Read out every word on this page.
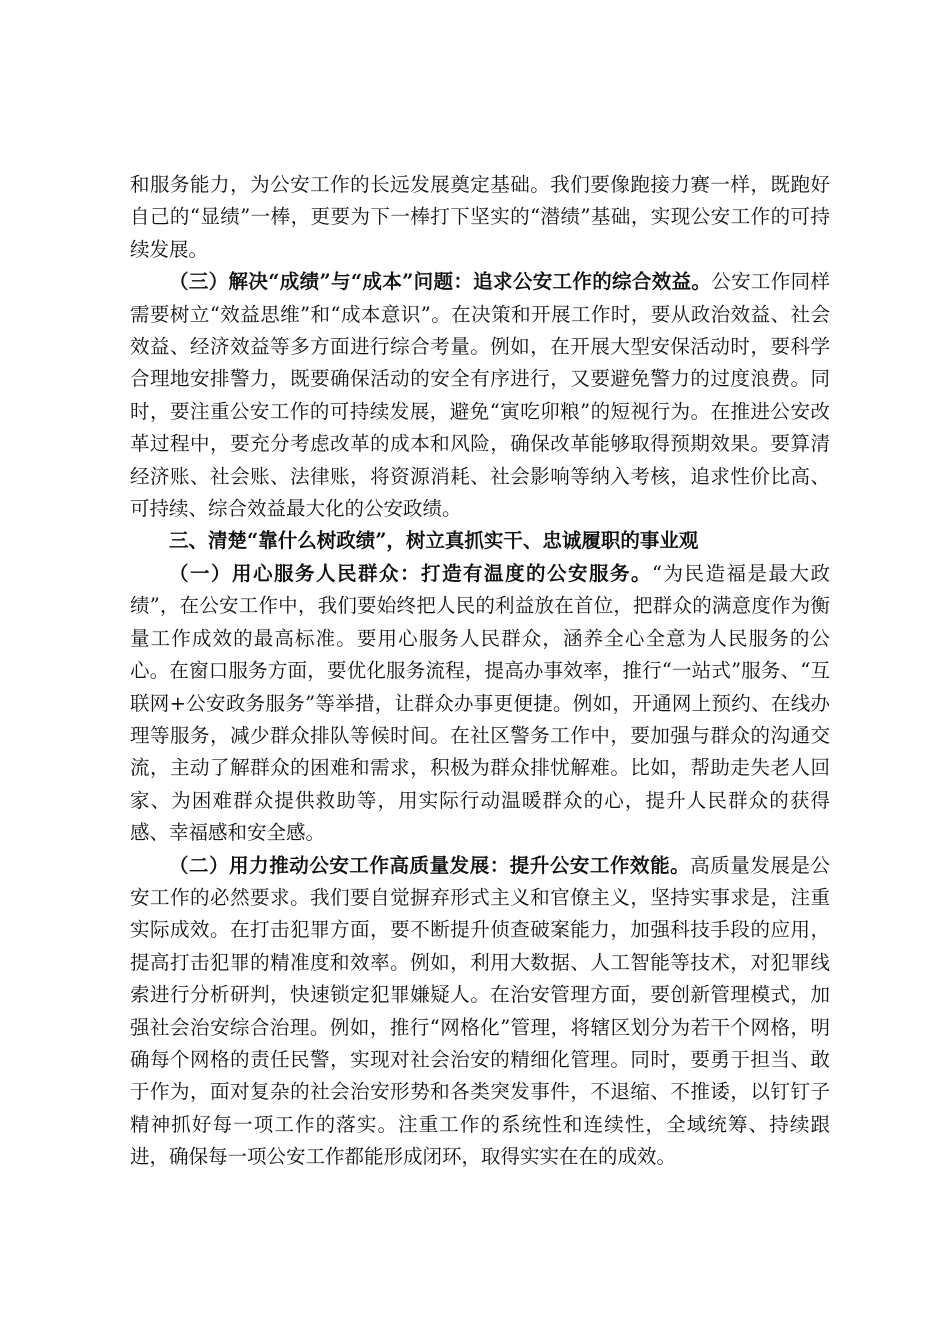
和服务能力，为公安工作的长远发展奠定基础。我们要像跑接力赛一样，既跑好自己的“显绩”一棒，更要为下一棒打下坚实的“潜绩”基础，实现公安工作的可持续发展。

（三）解决“成绩”与“成本”问题：追求公安工作的综合效益。公安工作同样需要树立“效益思维”和“成本意识”。在决策和开展工作时，要从政治效益、社会效益、经济效益等多方面进行综合考量。例如，在开展大型安保活动时，要科学合理地安排警力，既要确保活动的安全有序进行，又要避免警力的过度浪费。同时，要注重公安工作的可持续发展，避免“寅吃卯粮”的短视行为。在推进公安改革过程中，要充分考虑改革的成本和风险，确保改革能够取得预期效果。要算清经济账、社会账、法律账，将资源消耗、社会影响等纳入考核，追求性价比高、可持续、综合效益最大化的公安政绩。

三、清楚“靠什么树政绩”，树立真抓实干、忠诚履职的事业观

（一）用心服务人民群众：打造有温度的公安服务。“为民造福是最大政绩”，在公安工作中，我们要始终把人民的利益放在首位，把群众的满意度作为衡量工作成效的最高标准。要用心服务人民群众，涵养全心全意为人民服务的公心。在窗口服务方面，要优化服务流程，提高办事效率，推行“一站式”服务、“互联网+公安政务服务”等举措，让群众办事更便捷。例如，开通网上预约、在线办理等服务，减少群众排队等候时间。在社区警务工作中，要加强与群众的沟通交流，主动了解群众的困难和需求，积极为群众排忧解难。比如，帮助走失老人回家、为困难群众提供救助等，用实际行动温暖群众的心，提升人民群众的获得感、幸福感和安全感。

（二）用力推动公安工作高质量发展：提升公安工作效能。高质量发展是公安工作的必然要求。我们要自觉摒弃形式主义和官僚主义，坚持实事求是，注重实际成效。在打击犯罪方面，要不断提升侦查破案能力，加强科技手段的应用，提高打击犯罪的精准度和效率。例如，利用大数据、人工智能等技术，对犯罪线索进行分析研判，快速锁定犯罪嫌疑人。在治安管理方面，要创新管理模式，加强社会治安综合治理。例如，推行“网格化”管理，将辖区划分为若干个网格，明确每个网格的责任民警，实现对社会治安的精细化管理。同时，要勇于担当、敢于作为，面对复杂的社会治安形势和各类突发事件，不退缩、不推诿，以钉钉子精神抓好每一项工作的落实。注重工作的系统性和连续性，全域统筹、持续跟进，确保每一项公安工作都能形成闭环，取得实实在在的成效。
